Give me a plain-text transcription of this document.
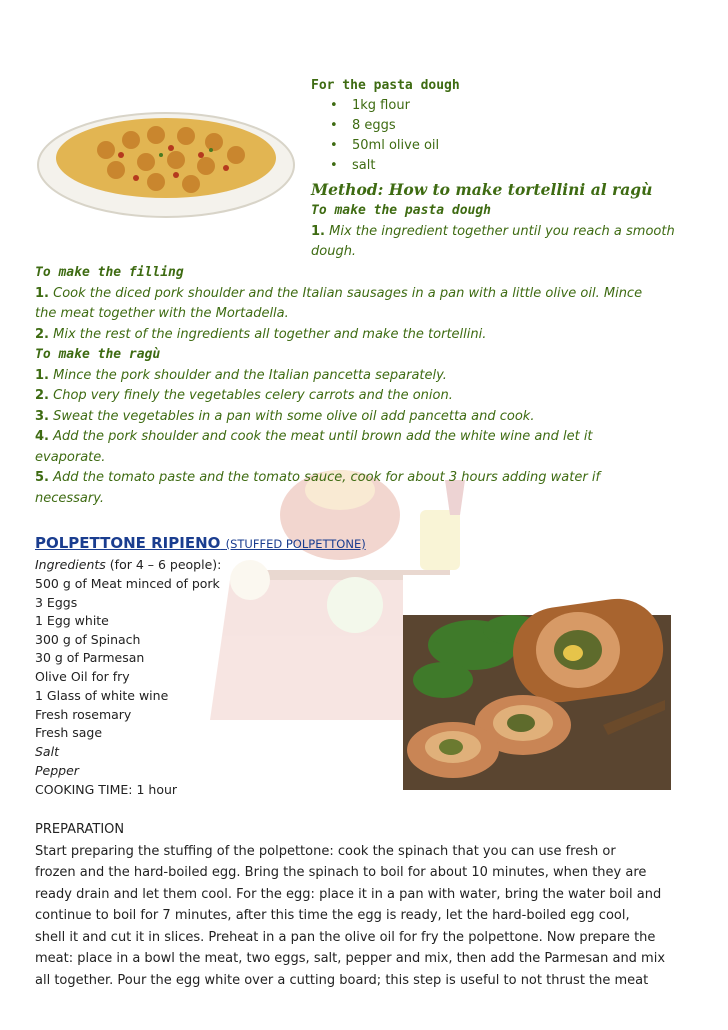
For the pasta dough
• 1kg flour
• 8 eggs
• 50ml olive oil
• salt
Method: How to make tortellini al ragù
To make the pasta dough
1. Mix the ingredient together until you reach a smooth
dough.
To make the filling
1. Cook the diced pork shoulder and the Italian sausages in a pan with a little olive oil. Mince
the meat together with the Mortadella.
2. Mix the rest of the ingredients all together and make the tortellini.
To make the ragù
1. Mince the pork shoulder and the Italian pancetta separately.
2. Chop very finely the vegetables celery carrots and the onion.
3. Sweat the vegetables in a pan with some olive oil add pancetta and cook.
4. Add the pork shoulder and cook the meat until brown add the white wine and let it
evaporate.
5. Add the tomato paste and the tomato sauce, cook for about 3 hours adding water if
necessary.
POLPETTONE RIPIENO (STUFFED POLPETTONE)
Ingredients (for 4 – 6 people):
500 g of Meat minced of pork
3 Eggs
1 Egg white
300 g of Spinach
30 g of Parmesan
Olive Oil for fry
1 Glass of white wine
Fresh rosemary
Fresh sage
Salt
Pepper
COOKING TIME: 1 hour
PREPARATION
Start preparing the stuffing of the polpettone: cook the spinach that you can use fresh or
frozen and the hard-boiled egg. Bring the spinach to boil for about 10 minutes, when they are
ready drain and let them cool. For the egg: place it in a pan with water, bring the water boil and
continue to boil for 7 minutes, after this time the egg is ready, let the hard-boiled egg cool,
shell it and cut it in slices. Preheat in a pan the olive oil for fry the polpettone. Now prepare the
meat: place in a bowl the meat, two eggs, salt, pepper and mix, then add the Parmesan and mix
all together. Pour the egg white over a cutting board; this step is useful to not thrust the meat
